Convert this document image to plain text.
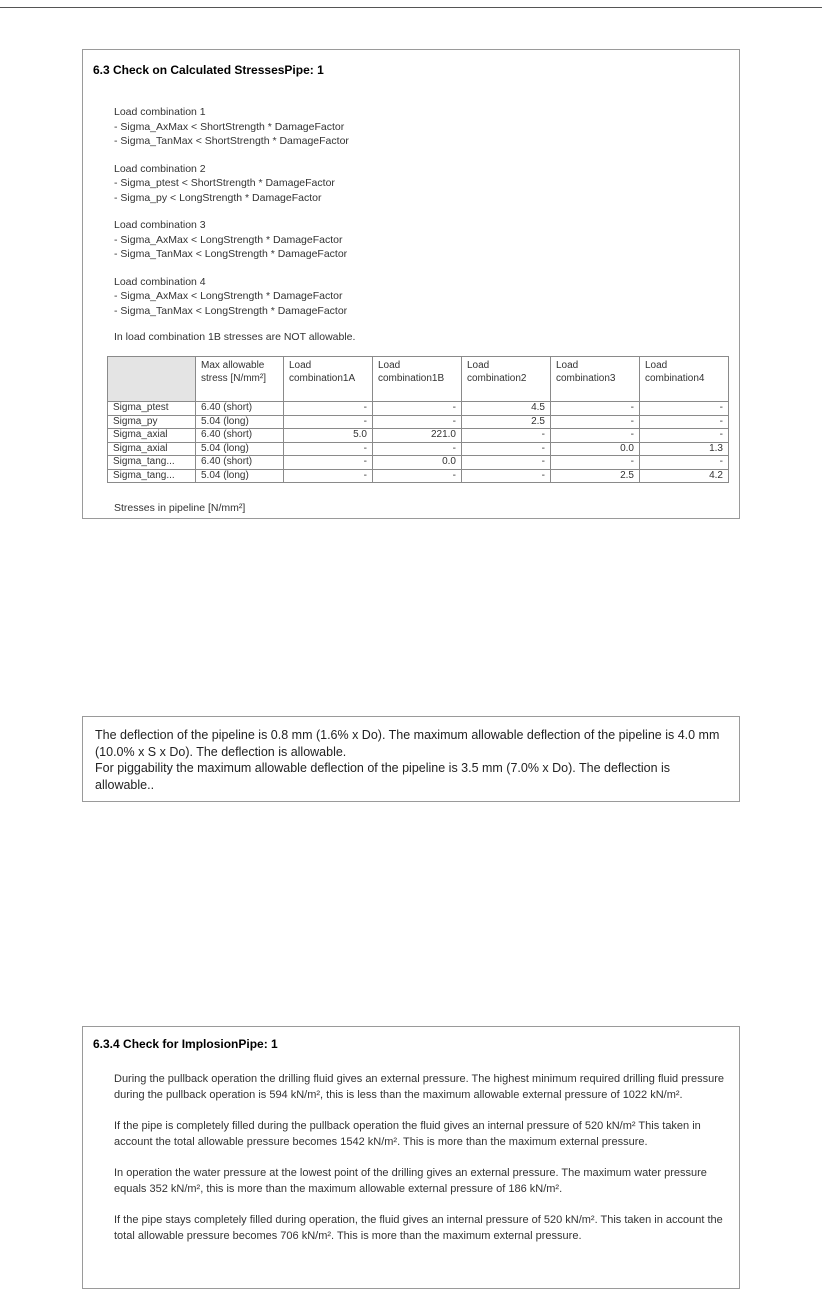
6.3 Check on Calculated StressesPipe: 1
Load combination 1
- Sigma_AxMax < ShortStrength * DamageFactor
- Sigma_TanMax < ShortStrength * DamageFactor
Load combination 2
- Sigma_ptest < ShortStrength * DamageFactor
- Sigma_py < LongStrength * DamageFactor
Load combination 3
- Sigma_AxMax < LongStrength * DamageFactor
- Sigma_TanMax < LongStrength * DamageFactor
Load combination 4
- Sigma_AxMax < LongStrength * DamageFactor
- Sigma_TanMax < LongStrength * DamageFactor
In load combination 1B stresses are NOT allowable.
	Max allowable stress [N/mm²]	Load combination1A	Load combination1B	Load combination2	Load combination3	Load combination4
Sigma_ptest	6.40 (short)	-	-	4.5	-	-
Sigma_py	5.04 (long)	-	-	2.5	-	-
Sigma_axial	6.40 (short)	5.0	221.0	-	-	-
Sigma_axial	5.04 (long)	-	-	-	0.0	1.3
Sigma_tang...	6.40 (short)	-	0.0	-	-	-
Sigma_tang...	5.04 (long)	-	-	-	2.5	4.2
Stresses in pipeline [N/mm²]
The deflection of the pipeline is 0.8 mm (1.6% x Do). The maximum allowable deflection of the pipeline is 4.0 mm (10.0% x S x Do). The deflection is allowable.
For piggability the maximum allowable deflection of the pipeline is 3.5 mm (7.0% x Do). The deflection is allowable..
6.3.4 Check for ImplosionPipe: 1

During the pullback operation the drilling fluid gives an external pressure. The highest minimum required drilling fluid pressure during the pullback operation is 594 kN/m², this is less than the maximum allowable external pressure of 1022 kN/m².

If the pipe is completely filled during the pullback operation the fluid gives an internal pressure of 520 kN/m² This taken in account the total allowable pressure becomes 1542 kN/m². This is more than the maximum external pressure.

In operation the water pressure at the lowest point of the drilling gives an external pressure. The maximum water pressure equals 352 kN/m², this is more than the maximum allowable external pressure of 186 kN/m².

If the pipe stays completely filled during operation, the fluid gives an internal pressure of 520 kN/m². This taken in account the total allowable pressure becomes 706 kN/m². This is more than the maximum external pressure.
